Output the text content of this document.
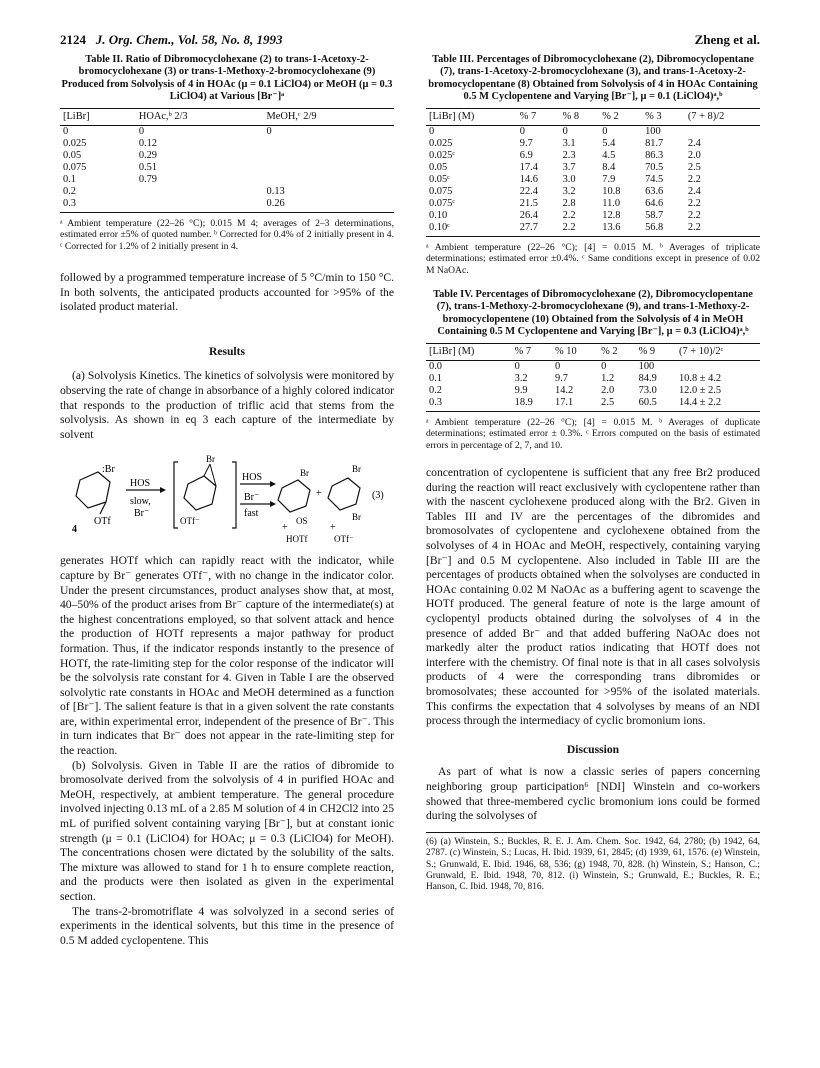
2124 J. Org. Chem., Vol. 58, No. 8, 1993	Zheng et al.
Table II. Ratio of Dibromocyclohexane (2) to trans-1-Acetoxy-2-bromocyclohexane (3) or trans-1-Methoxy-2-bromocyclohexane (9) Produced from Solvolysis of 4 in HOAc (μ = 0.1 LiClO4) or MeOH (μ = 0.3 LiClO4) at Various [Br⁻]ᵃ
[LiBr]	HOAc,ᵇ 2/3	MeOH,ᶜ 2/9
0	0	0
0.025	0.12	
0.05	0.29	
0.075	0.51	
0.1	0.79	
0.2		0.13
0.3		0.26
ᵃ Ambient temperature (22–26 °C); 0.015 M 4; averages of 2–3 determinations, estimated error ±5% of quoted number. ᵇ Corrected for 0.4% of 2 initially present in 4. ᶜ Corrected for 1.2% of 2 initially present in 4.

followed by a programmed temperature increase of 5 °C/min to 150 °C. In both solvents, the anticipated products accounted for >95% of the isolated product material.

Results

(a) Solvolysis Kinetics. The kinetics of solvolysis were monitored by observing the rate of change in absorbance of a highly colored indicator that responds to the production of triflic acid that stems from the solvolysis. As shown in eq 3 each capture of the intermediate by solvent

:Br
OTf
4
HOS
slow,
Br⁻
Br
OTf⁻
HOS
Br⁻
fast
Br
OS
+
HOTf
+
Br
Br
+
OTf⁻
(3)

generates HOTf which can rapidly react with the indicator, while capture by Br⁻ generates OTf⁻, with no change in the indicator color. Under the present circumstances, product analyses show that, at most, 40–50% of the product arises from Br⁻ capture of the intermediate(s) at the highest concentrations employed, so that solvent attack and hence the production of HOTf represents a major pathway for product formation. Thus, if the indicator responds instantly to the presence of HOTf, the rate-limiting step for the color response of the indicator will be the solvolysis rate constant for 4. Given in Table I are the observed solvolytic rate constants in HOAc and MeOH determined as a function of [Br⁻]. The salient feature is that in a given solvent the rate constants are, within experimental error, independent of the presence of Br⁻. This in turn indicates that Br⁻ does not appear in the rate-limiting step for the reaction.

(b) Solvolysis. Given in Table II are the ratios of dibromide to bromosolvate derived from the solvolysis of 4 in purified HOAc and MeOH, respectively, at ambient temperature. The general procedure involved injecting 0.13 mL of a 2.85 M solution of 4 in CH2Cl2 into 25 mL of purified solvent containing varying [Br⁻], but at constant ionic strength (μ = 0.1 (LiClO4) for HOAc; μ = 0.3 (LiClO4) for MeOH). The concentrations chosen were dictated by the solubility of the salts. The mixture was allowed to stand for 1 h to ensure complete reaction, and the products were then isolated as given in the experimental section.

The trans-2-bromotriflate 4 was solvolyzed in a second series of experiments in the identical solvents, but this time in the presence of 0.5 M added cyclopentene. This

Table III. Percentages of Dibromocyclohexane (2), Dibromocyclopentane (7), trans-1-Acetoxy-2-bromocyclohexane (3), and trans-1-Acetoxy-2-bromocyclopentane (8) Obtained from Solvolysis of 4 in HOAc Containing 0.5 M Cyclopentene and Varying [Br⁻], μ = 0.1 (LiClO4)ᵃ,ᵇ
[LiBr] (M)	% 7	% 8	% 2	% 3	(7 + 8)/2
0	0	0	0	100	
0.025	9.7	3.1	5.4	81.7	2.4
0.025ᶜ	6.9	2.3	4.5	86.3	2.0
0.05	17.4	3.7	8.4	70.5	2.5
0.05ᶜ	14.6	3.0	7.9	74.5	2.2
0.075	22.4	3.2	10.8	63.6	2.4
0.075ᶜ	21.5	2.8	11.0	64.6	2.2
0.10	26.4	2.2	12.8	58.7	2.2
0.10ᶜ	27.7	2.2	13.6	56.8	2.2
ᵃ Ambient temperature (22–26 °C); [4] = 0.015 M. ᵇ Averages of triplicate determinations; estimated error ±0.4%. ᶜ Same conditions except in presence of 0.02 M NaOAc.
Table IV. Percentages of Dibromocyclohexane (2), Dibromocyclopentane (7), trans-1-Methoxy-2-bromocyclohexane (9), and trans-1-Methoxy-2-bromocyclopentene (10) Obtained from the Solvolysis of 4 in MeOH Containing 0.5 M Cyclopentene and Varying [Br⁻], μ = 0.3 (LiClO4)ᵃ,ᵇ
[LiBr] (M)	% 7	% 10	% 2	% 9	(7 + 10)/2ᶜ
0.0	0	0	0	100	
0.1	3.2	9.7	1.2	84.9	10.8 ± 4.2
0.2	9.9	14.2	2.0	73.0	12.0 ± 2.5
0.3	18.9	17.1	2.5	60.5	14.4 ± 2.2
ᵃ Ambient temperature (22–26 °C); [4] = 0.015 M. ᵇ Averages of duplicate determinations; estimated error ± 0.3%. ᶜ Errors computed on the basis of estimated errors in percentage of 2, 7, and 10.

concentration of cyclopentene is sufficient that any free Br2 produced during the reaction will react exclusively with cyclopentene rather than with the nascent cyclohexene produced along with the Br2. Given in Tables III and IV are the percentages of the dibromides and bromosolvates of cyclopentene and cyclohexene obtained from the solvolyses of 4 in HOAc and MeOH, respectively, containing varying [Br⁻] and 0.5 M cyclopentene. Also included in Table III are the percentages of products obtained when the solvolyses are conducted in HOAc containing 0.02 M NaOAc as a buffering agent to scavenge the HOTf produced. The general feature of note is the large amount of cyclopentyl products obtained during the solvolyses of 4 in the presence of added Br⁻ and that added buffering NaOAc does not markedly alter the product ratios indicating that HOTf does not interfere with the chemistry. Of final note is that in all cases solvolysis products of 4 were the corresponding trans dibromides or bromosolvates; these accounted for >95% of the isolated materials. This confirms the expectation that 4 solvolyses by means of an NDI process through the intermediacy of cyclic bromonium ions.

Discussion

As part of what is now a classic series of papers concerning neighboring group participation⁶ [NDI] Winstein and co-workers showed that three-membered cyclic bromonium ions could be formed during the solvolyses of

(6) (a) Winstein, S.; Buckles, R. E. J. Am. Chem. Soc. 1942, 64, 2780; (b) 1942, 64, 2787. (c) Winstein, S.; Lucas, H. Ibid. 1939, 61, 2845; (d) 1939, 61, 1576. (e) Winstein, S.; Grunwald, E. Ibid. 1946, 68, 536; (g) 1948, 70, 828. (h) Winstein, S.; Hanson, C.; Grunwald, E. Ibid. 1948, 70, 812. (i) Winstein, S.; Grunwald, E.; Buckles, R. E.; Hanson, C. Ibid. 1948, 70, 816.
